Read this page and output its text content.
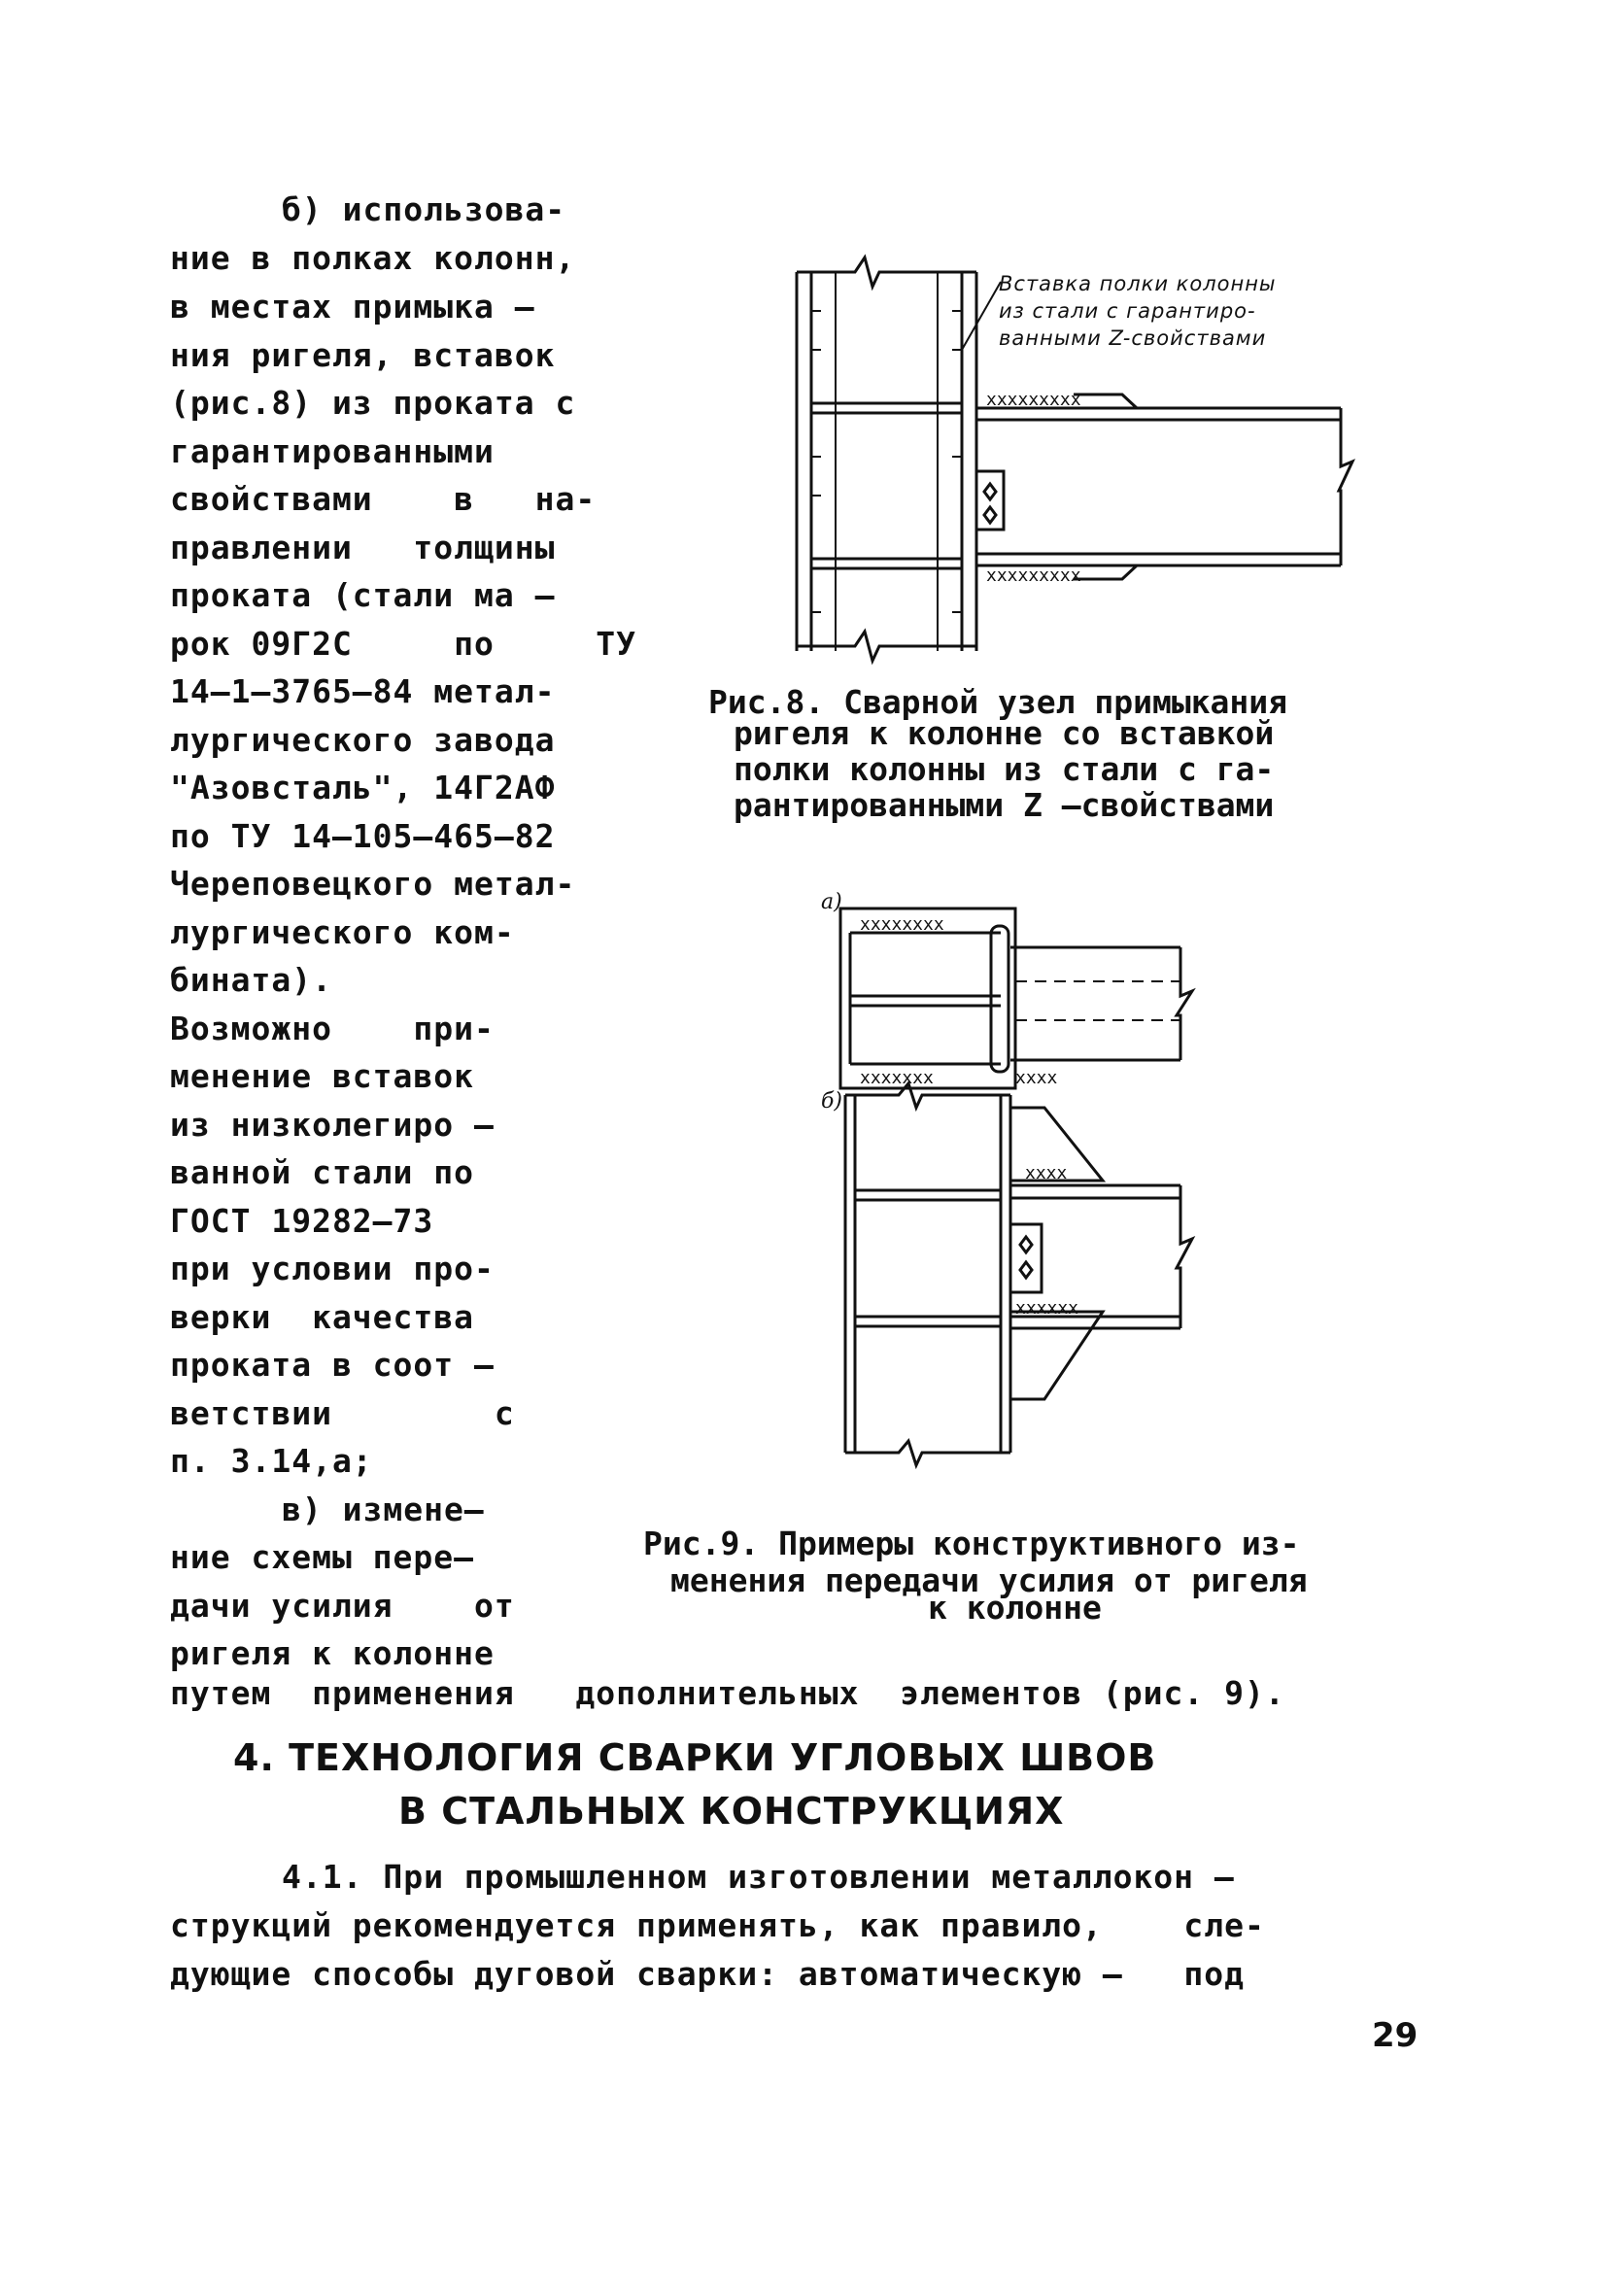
б) использова-
ние в полках колонн,
в местах примыка –
ния ригеля, вставок
(рис.8) из проката с
гарантированными
свойствами    в   на-
правлении   толщины
проката (стали ма –
рок 09Г2С     по     ТУ
14–1–3765–84 метал-
лургического завода
"Азовсталь", 14Г2АФ
по ТУ 14–105–465–82
Череповецкого метал-
лургического ком-
бината).
Возможно    при-
менение вставок
из низколегиро –
ванной стали по
ГОСТ 19282–73
при условии про-
верки  качества
проката в соот –
ветствии        с
п. 3.14,а;
в) измене–
ние схемы пере–
дачи усилия    от
ригеля к колонне
xxxxxxxxx
xxxxxxxxx
Вставка полки колонны
из стали с гарантиро-
ванными Z-свойствами
Рис.8. Сварной узел примыкания
ригеля к колонне со вставкой
полки колонны из стали с га-
рантированными Z –свойствами
а)
xxxxxxxx
xxxxxxx	xxxx
б)
xxxx
xxxxxx
Рис.9. Примеры конструктивного из-
менения передачи усилия от ригеля
к колонне
путем  применения   дополнительных  элементов (рис. 9).
4. ТЕХНОЛОГИЯ СВАРКИ УГЛОВЫХ ШВОВ
В СТАЛЬНЫХ КОНСТРУКЦИЯХ
4.1. При промышленном изготовлении металлокон –
струкций рекомендуется применять, как правило,    сле-
дующие способы дуговой сварки: автоматическую –   под
29
